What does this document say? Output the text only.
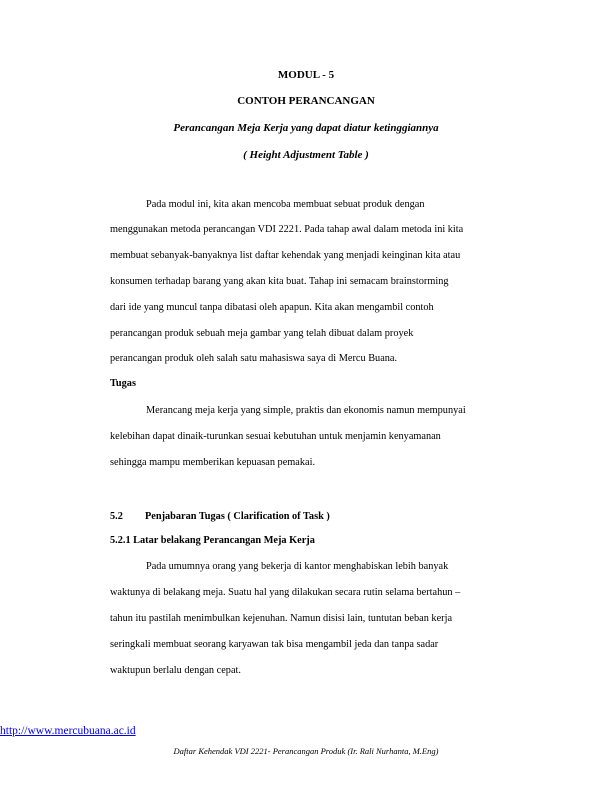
MODUL - 5
CONTOH PERANCANGAN
Perancangan Meja Kerja yang dapat diatur ketinggiannya
( Height Adjustment Table )
Pada modul ini, kita akan mencoba membuat sebuat produk dengan
menggunakan metoda perancangan VDI 2221. Pada tahap awal dalam metoda ini kita
membuat sebanyak-banyaknya list daftar kehendak yang menjadi keinginan kita atau
konsumen terhadap barang yang akan kita buat. Tahap ini semacam brainstorming
dari ide yang muncul tanpa dibatasi oleh apapun. Kita akan mengambil contoh
perancangan produk sebuah meja gambar yang telah dibuat dalam proyek
perancangan produk oleh salah satu mahasiswa saya di Mercu Buana.
Tugas
Merancang meja kerja yang simple, praktis dan ekonomis namun mempunyai
kelebihan dapat dinaik-turunkan sesuai kebutuhan untuk menjamin kenyamanan
sehingga mampu memberikan kepuasan pemakai.
5.2 Penjabaran Tugas ( Clarification of Task )
5.2.1 Latar belakang Perancangan Meja Kerja
Pada umumnya orang yang bekerja di kantor menghabiskan lebih banyak
waktunya di belakang meja. Suatu hal yang dilakukan secara rutin selama bertahun –
tahun itu pastilah menimbulkan kejenuhan. Namun disisi lain, tuntutan beban kerja
seringkali membuat seorang karyawan tak bisa mengambil jeda dan tanpa sadar
waktupun berlalu dengan cepat.
http://www.mercubuana.ac.id
Daftar Kehendak VDI 2221- Perancangan Produk (Ir. Rali Nurhanta, M.Eng)
